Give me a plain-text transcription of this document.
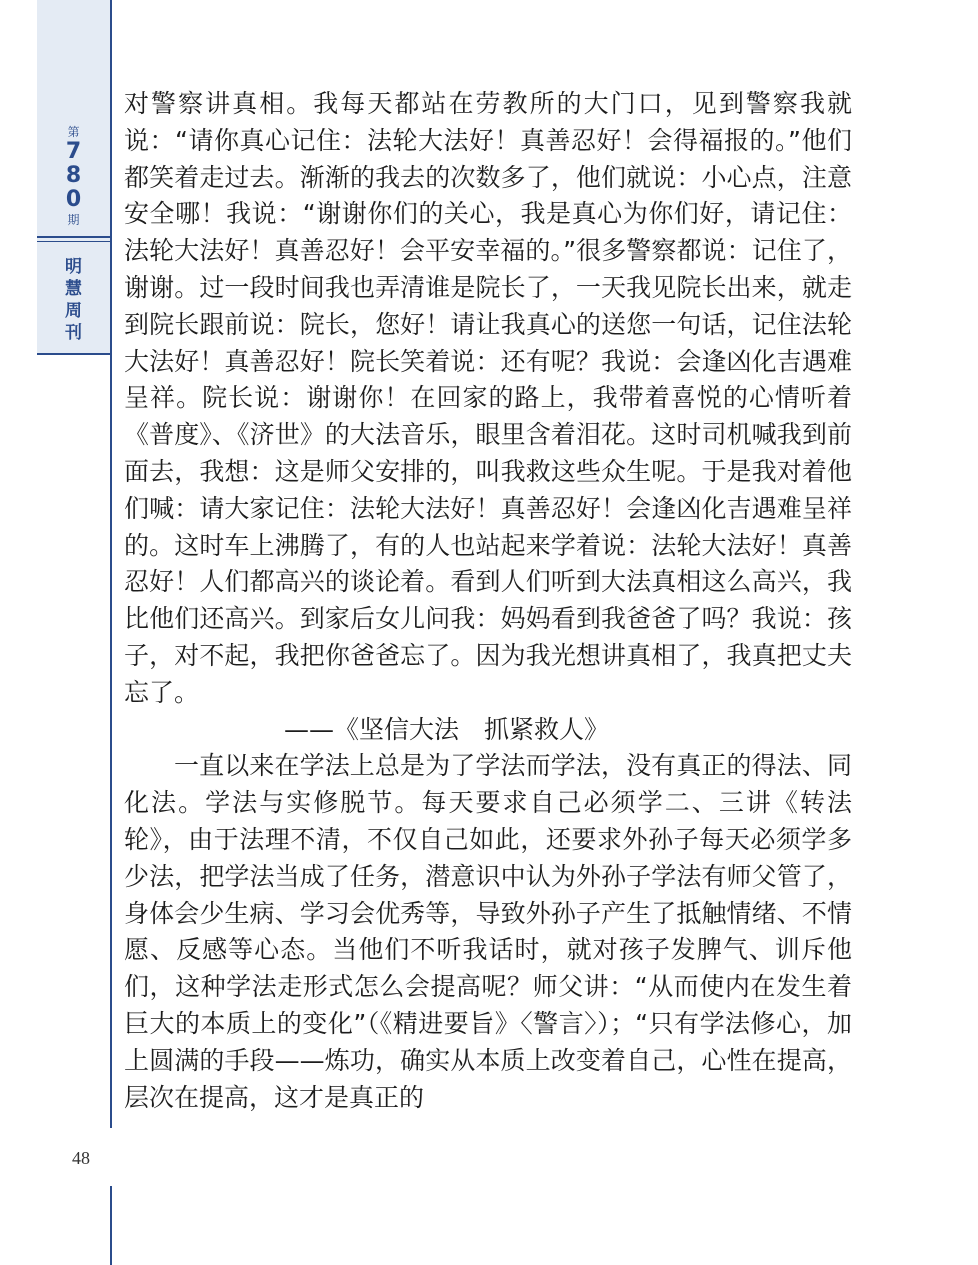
第
7
8
0
期
明
慧
周
刊
48

对警察讲真相。我每天都站在劳教所的大门口，见到警察我就说：“请你真心记住：法轮大法好！真善忍好！会得福报的。”他们都笑着走过去。渐渐的我去的次数多了，他们就说：小心点，注意安全哪！我说：“谢谢你们的关心，我是真心为你们好，请记住：法轮大法好！真善忍好！会平安幸福的。”很多警察都说：记住了，谢谢。过一段时间我也弄清谁是院长了，一天我见院长出来，就走到院长跟前说：院长，您好！请让我真心的送您一句话，记住法轮大法好！真善忍好！院长笑着说：还有呢？我说：会逢凶化吉遇难呈祥。院长说：谢谢你！在回家的路上，我带着喜悦的心情听着《普度》、《济世》的大法音乐，眼里含着泪花。这时司机喊我到前面去，我想：这是师父安排的，叫我救这些众生呢。于是我对着他们喊：请大家记住：法轮大法好！真善忍好！会逢凶化吉遇难呈祥的。这时车上沸腾了，有的人也站起来学着说：法轮大法好！真善忍好！人们都高兴的谈论着。看到人们听到大法真相这么高兴，我比他们还高兴。到家后女儿问我：妈妈看到我爸爸了吗？我说：孩子，对不起，我把你爸爸忘了。因为我光想讲真相了，我真把丈夫忘了。

——《坚信大法　抓紧救人》

一直以来在学法上总是为了学法而学法，没有真正的得法、同化法。学法与实修脱节。每天要求自己必须学二、三讲《转法轮》，由于法理不清，不仅自己如此，还要求外孙子每天必须学多少法，把学法当成了任务，潜意识中认为外孙子学法有师父管了，身体会少生病、学习会优秀等，导致外孙子产生了抵触情绪、不情愿、反感等心态。当他们不听我话时，就对孩子发脾气、训斥他们，这种学法走形式怎么会提高呢？师父讲：“从而使内在发生着巨大的本质上的变化”（《精进要旨》〈警言〉）；“只有学法修心，加上圆满的手段——炼功，确实从本质上改变着自己，心性在提高，层次在提高，这才是真正的
